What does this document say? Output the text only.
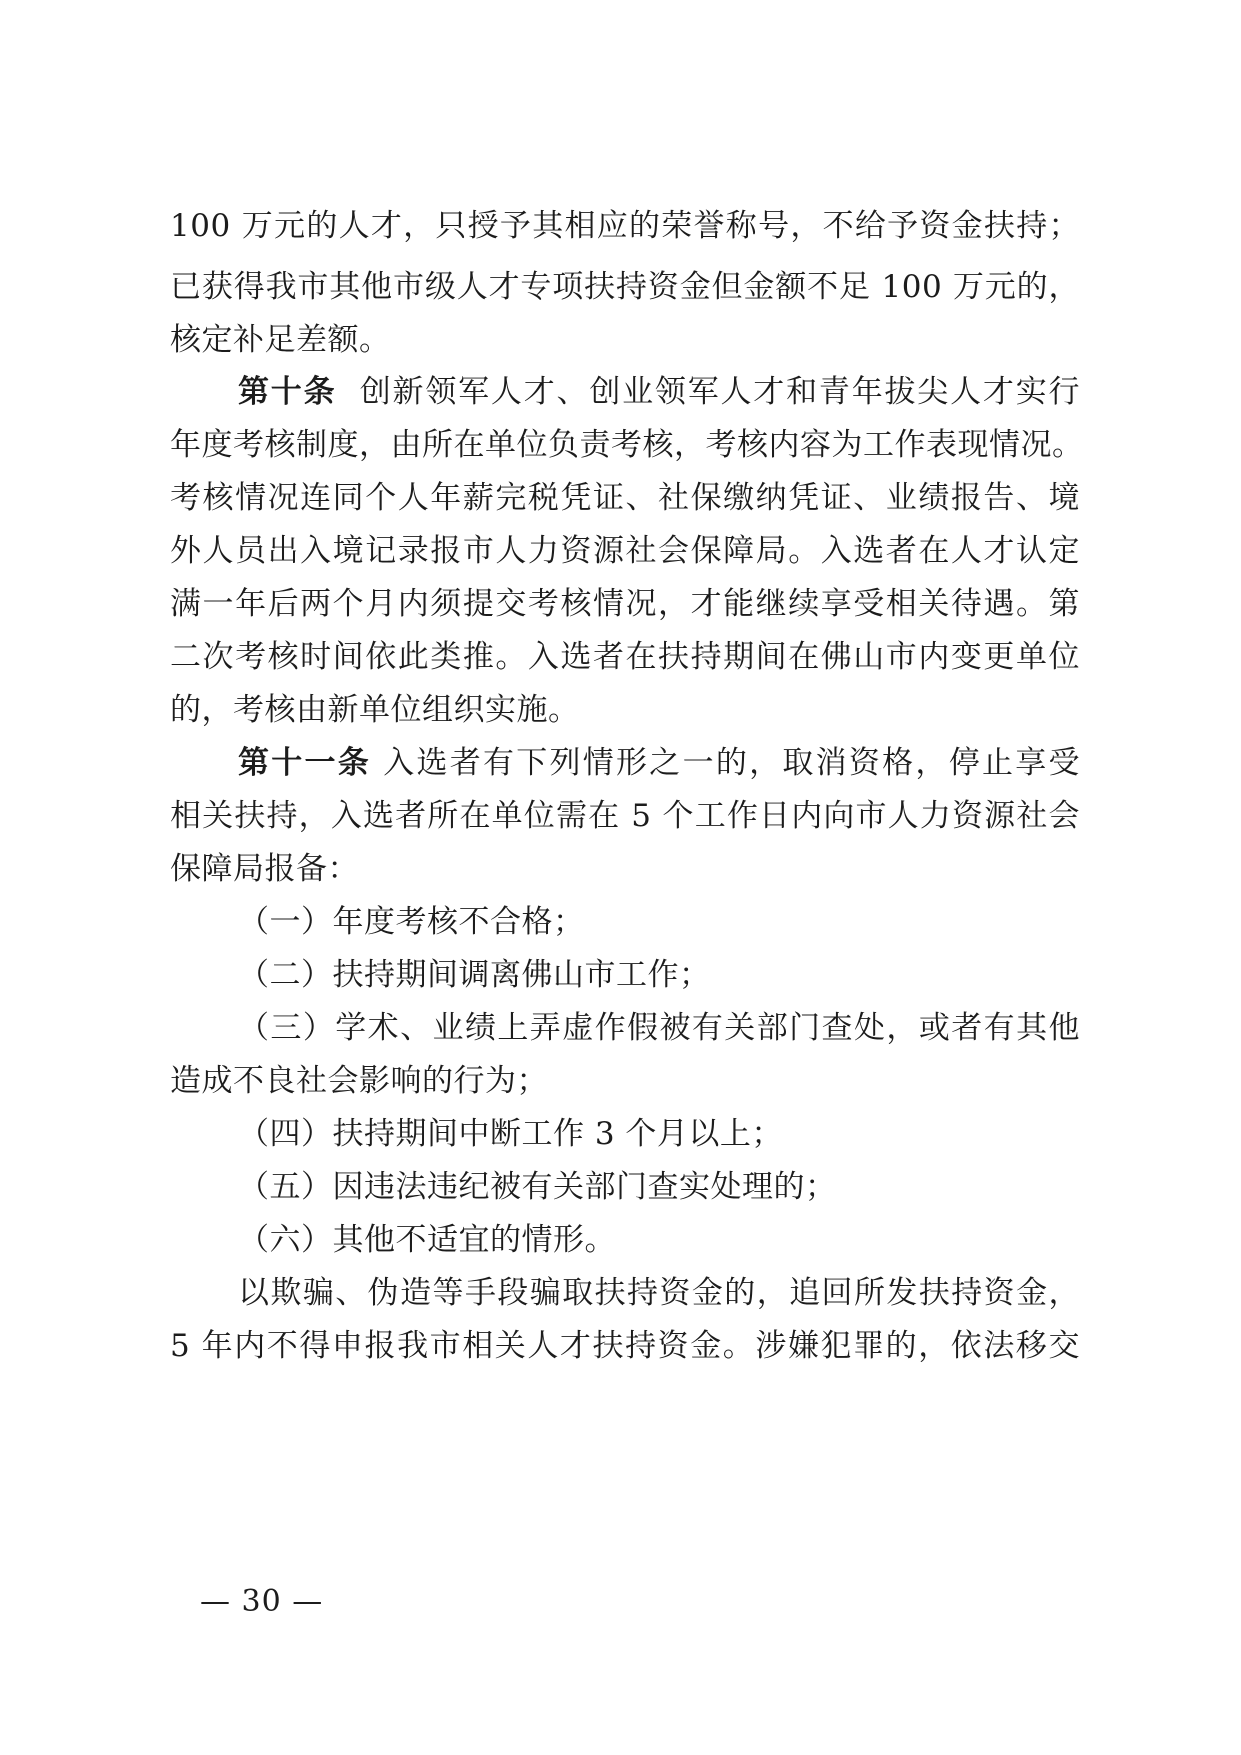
100 万元的人才，只授予其相应的荣誉称号，不给予资金扶持；
已获得我市其他市级人才专项扶持资金但金额不足 100 万元的，
核定补足差额。
第十条 创新领军人才、创业领军人才和青年拔尖人才实行
年度考核制度，由所在单位负责考核，考核内容为工作表现情况。
考核情况连同个人年薪完税凭证、社保缴纳凭证、业绩报告、境
外人员出入境记录报市人力资源社会保障局。入选者在人才认定
满一年后两个月内须提交考核情况，才能继续享受相关待遇。第
二次考核时间依此类推。入选者在扶持期间在佛山市内变更单位
的，考核由新单位组织实施。
第十一条 入选者有下列情形之一的，取消资格，停止享受
相关扶持，入选者所在单位需在 5 个工作日内向市人力资源社会
保障局报备：
（一）年度考核不合格；
（二）扶持期间调离佛山市工作；
（三）学术、业绩上弄虚作假被有关部门查处，或者有其他
造成不良社会影响的行为；
（四）扶持期间中断工作 3 个月以上；
（五）因违法违纪被有关部门查实处理的；
（六）其他不适宜的情形。
以欺骗、伪造等手段骗取扶持资金的，追回所发扶持资金，
5 年内不得申报我市相关人才扶持资金。涉嫌犯罪的，依法移交
— 30 —
